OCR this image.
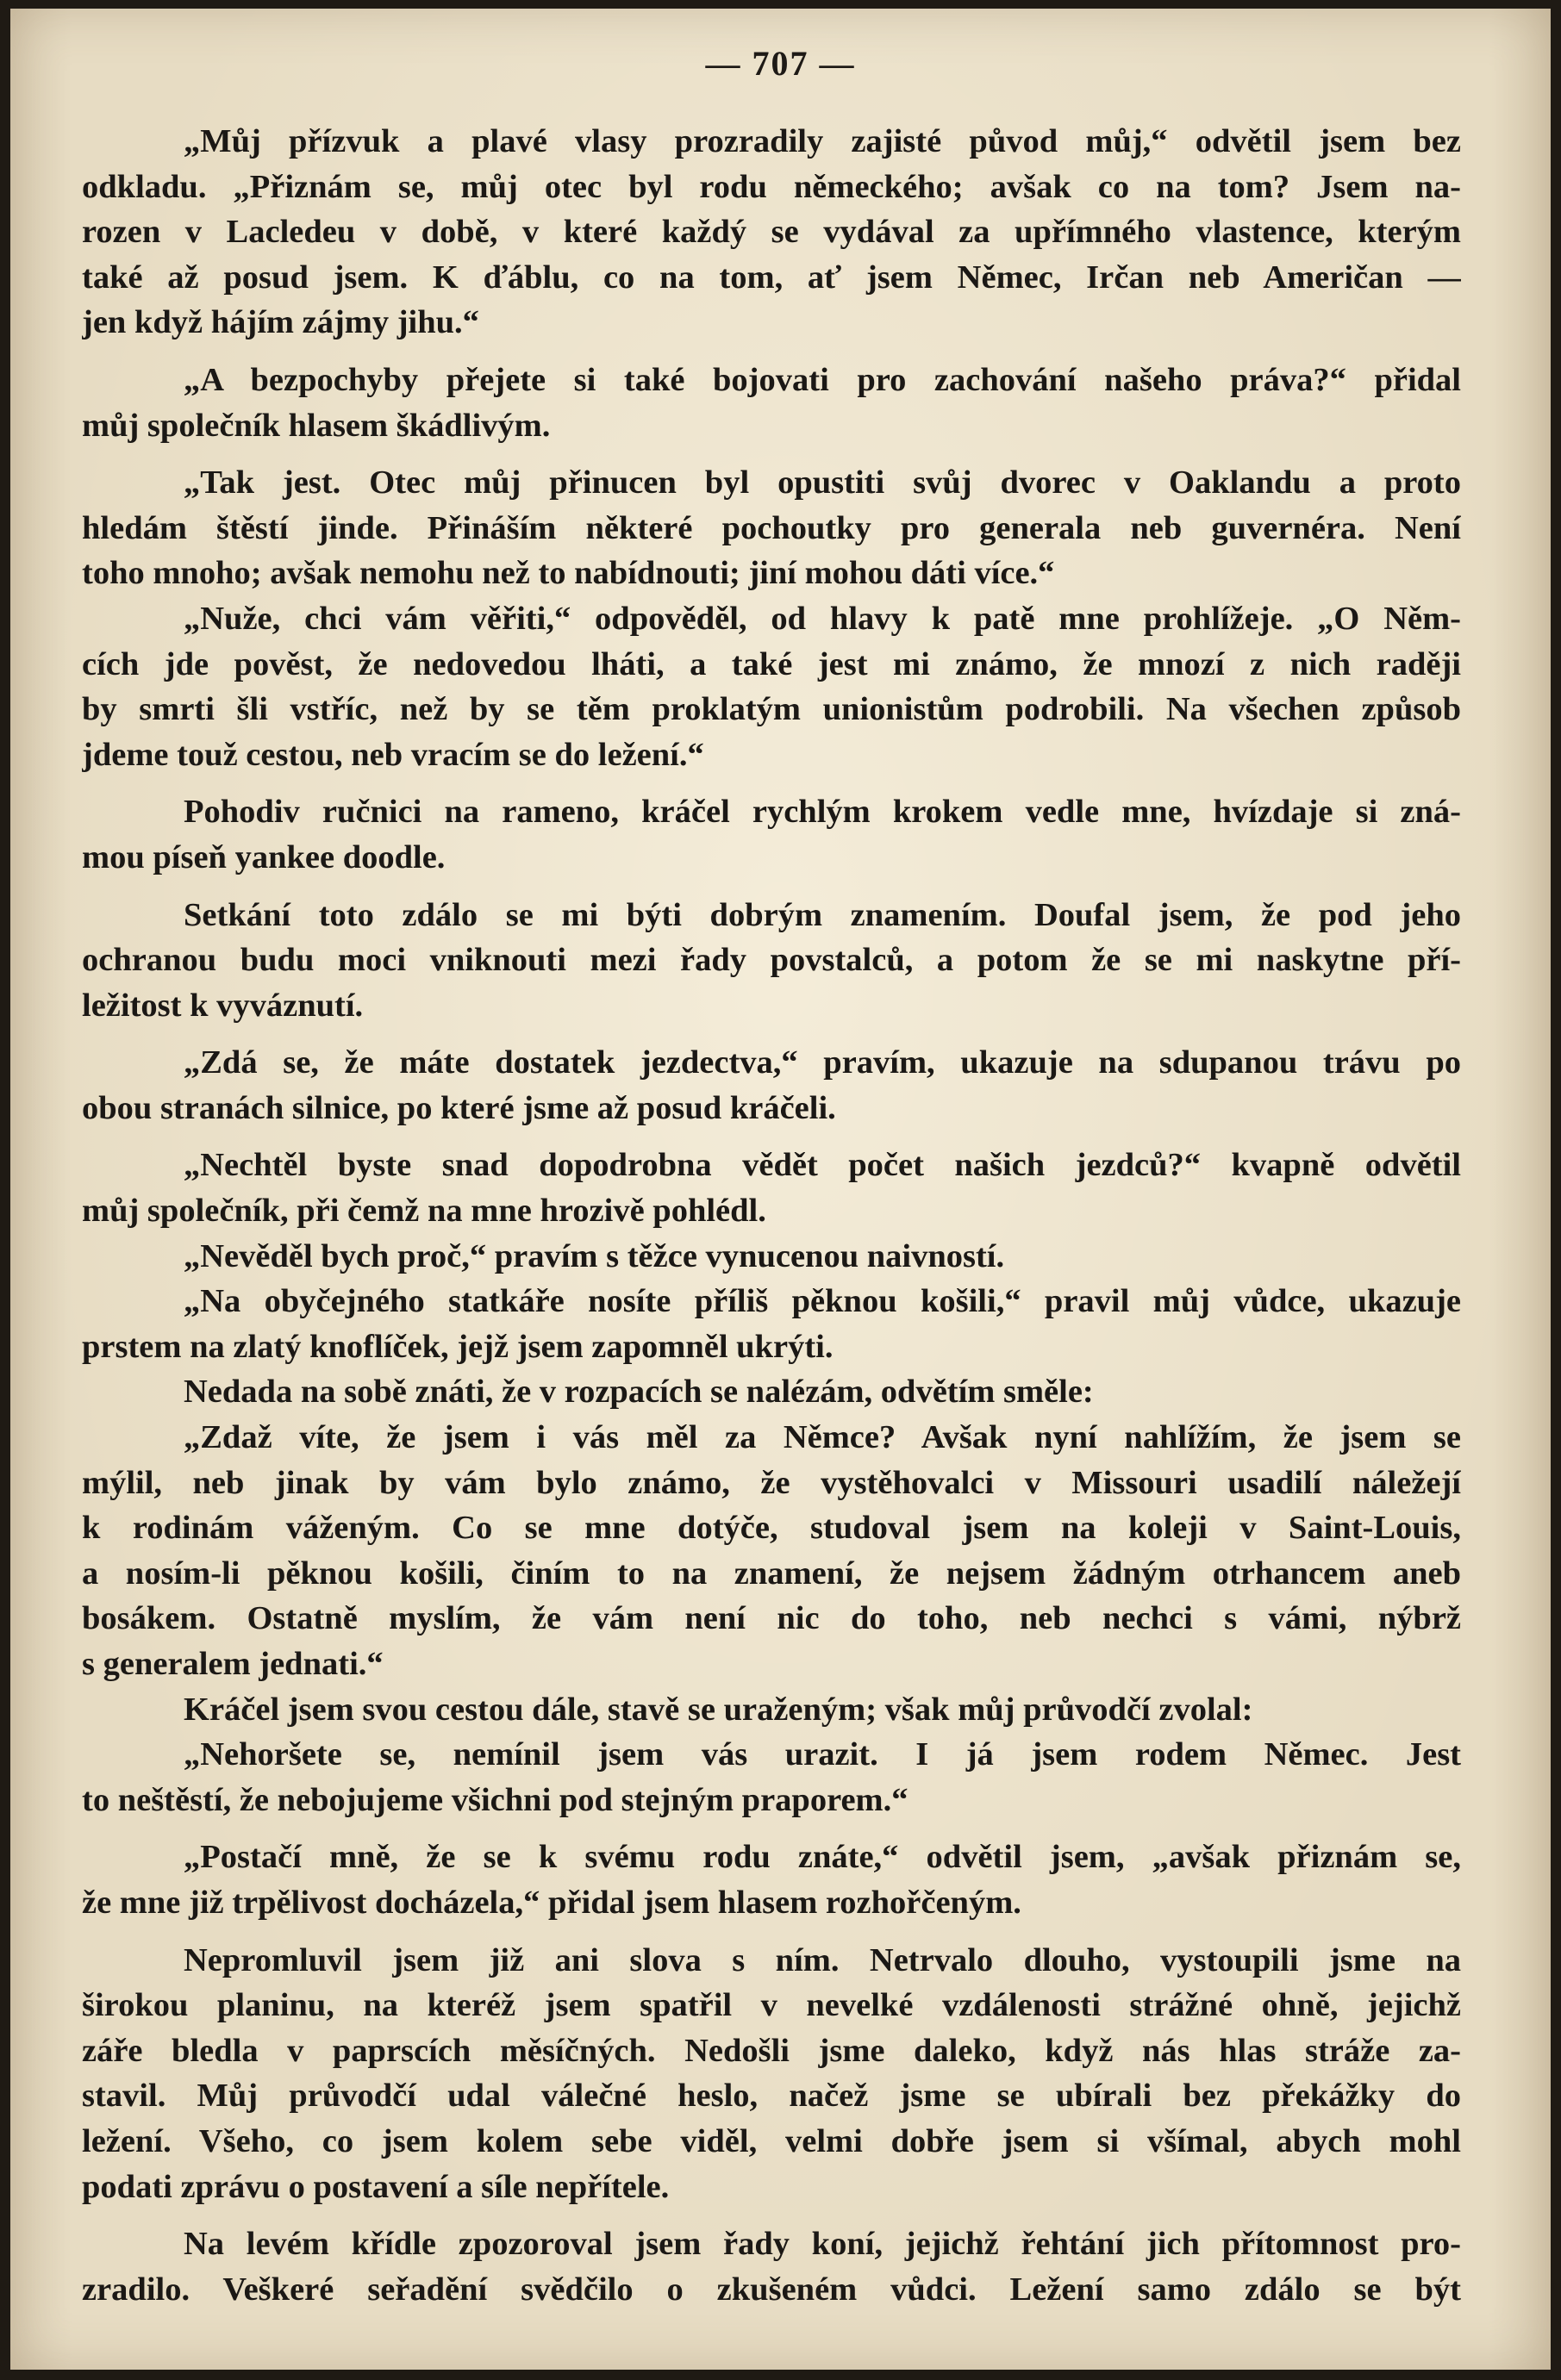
— 707 —

„Můj přízvuk a plavé vlasy prozradily zajisté původ můj,“ odvětil jsem bez
odkladu. „Přiznám se, můj otec byl rodu německého; avšak co na tom? Jsem na-
rozen v Lacledeu v době, v které každý se vydával za upřímného vlastence, kterým
také až posud jsem. K ďáblu, co na tom, ať jsem Němec, Irčan neb Američan —
jen když hájím zájmy jihu.“

„A bezpochyby přejete si také bojovati pro zachování našeho práva?“ přidal
můj společník hlasem škádlivým.

„Tak jest. Otec můj přinucen byl opustiti svůj dvorec v Oaklandu a proto
hledám štěstí jinde. Přináším některé pochoutky pro generala neb guvernéra. Není
toho mnoho; avšak nemohu než to nabídnouti; jiní mohou dáti více.“

„Nuže, chci vám věřiti,“ odpověděl, od hlavy k patě mne prohlížeje. „O Něm-
cích jde pověst, že nedovedou lháti, a také jest mi známo, že mnozí z nich raději
by smrti šli vstříc, než by se těm proklatým unionistům podrobili. Na všechen způsob
jdeme touž cestou, neb vracím se do ležení.“

Pohodiv ručnici na rameno, kráčel rychlým krokem vedle mne, hvízdaje si zná-
mou píseň yankee doodle.

Setkání toto zdálo se mi býti dobrým znamením. Doufal jsem, že pod jeho
ochranou budu moci vniknouti mezi řady povstalců, a potom že se mi naskytne pří-
ležitost k vyváznutí.

„Zdá se, že máte dostatek jezdectva,“ pravím, ukazuje na sdupanou trávu po
obou stranách silnice, po které jsme až posud kráčeli.

„Nechtěl byste snad dopodrobna vědět počet našich jezdců?“ kvapně odvětil
můj společník, při čemž na mne hrozivě pohlédl.

„Nevěděl bych proč,“ pravím s těžce vynucenou naivností.

„Na obyčejného statkáře nosíte příliš pěknou košili,“ pravil můj vůdce, ukazuje
prstem na zlatý knoflíček, jejž jsem zapomněl ukrýti.

Nedada na sobě znáti, že v rozpacích se nalézám, odvětím směle:

„Zdaž víte, že jsem i vás měl za Němce? Avšak nyní nahlížím, že jsem se
mýlil, neb jinak by vám bylo známo, že vystěhovalci v Missouri usadilí náležejí
k rodinám váženým. Co se mne dotýče, studoval jsem na koleji v Saint-Louis,
a nosím-li pěknou košili, činím to na znamení, že nejsem žádným otrhancem aneb
bosákem. Ostatně myslím, že vám není nic do toho, neb nechci s vámi, nýbrž
s generalem jednati.“

Kráčel jsem svou cestou dále, stavě se uraženým; však můj průvodčí zvolal:

„Nehoršete se, nemínil jsem vás urazit. I já jsem rodem Němec. Jest
to neštěstí, že nebojujeme všichni pod stejným praporem.“

„Postačí mně, že se k svému rodu znáte,“ odvětil jsem, „avšak přiznám se,
že mne již trpělivost docházela,“ přidal jsem hlasem rozhořčeným.

Nepromluvil jsem již ani slova s ním. Netrvalo dlouho, vystoupili jsme na
širokou planinu, na kteréž jsem spatřil v nevelké vzdálenosti strážné ohně, jejichž
záře bledla v paprscích měsíčných. Nedošli jsme daleko, když nás hlas stráže za-
stavil. Můj průvodčí udal válečné heslo, načež jsme se ubírali bez překážky do
ležení. Všeho, co jsem kolem sebe viděl, velmi dobře jsem si všímal, abych mohl
podati zprávu o postavení a síle nepřítele.

Na levém křídle zpozoroval jsem řady koní, jejichž řehtání jich přítomnost pro-
zradilo. Veškeré seřadění svědčilo o zkušeném vůdci. Ležení samo zdálo se být
